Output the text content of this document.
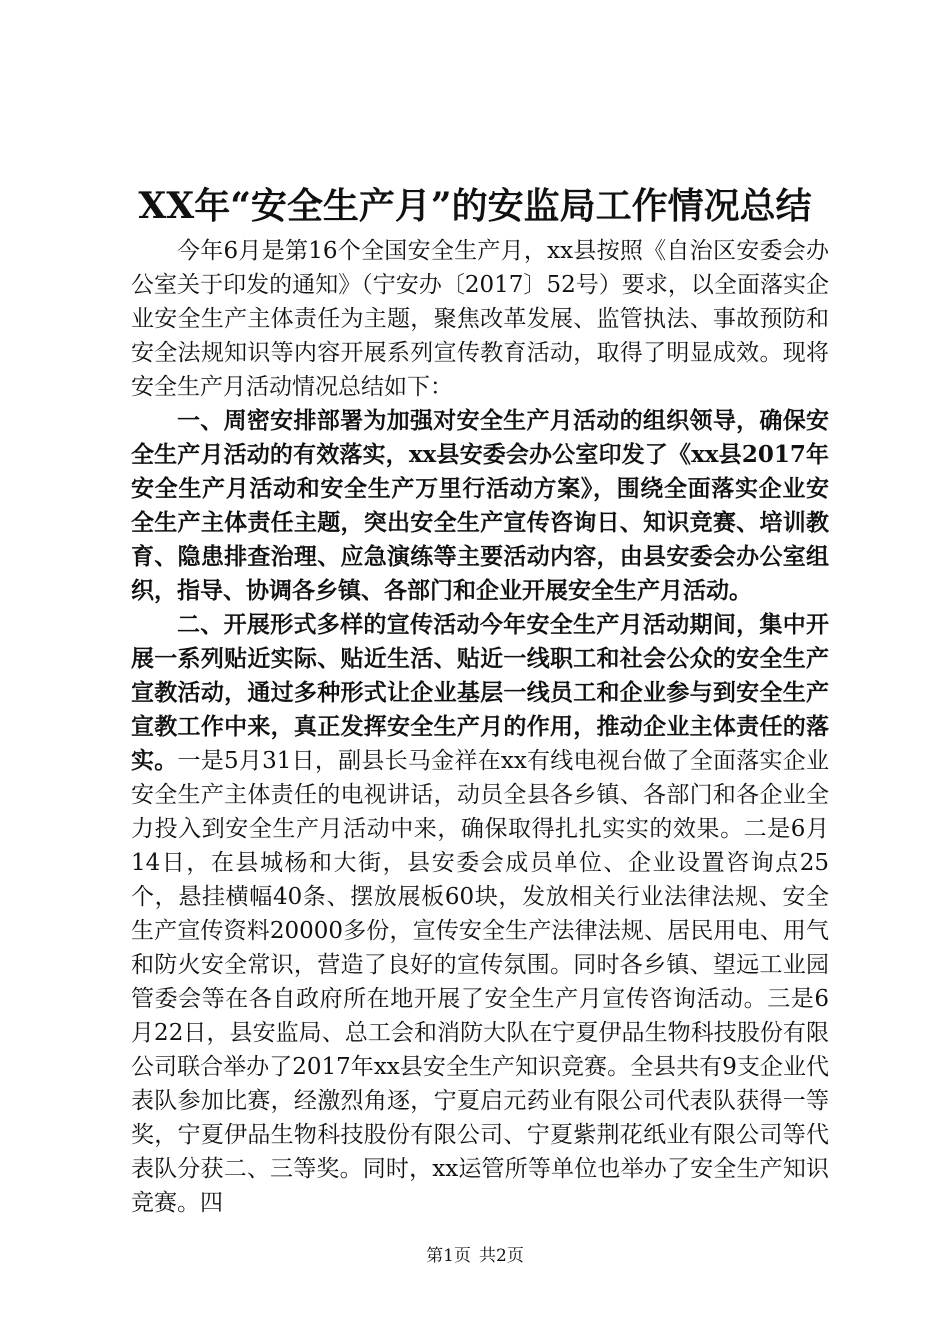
XX年“安全生产月”的安监局工作情况总结

今年6月是第16个全国安全生产月，xx县按照《自治区安委会办公室关于印发的通知》（宁安办〔2017〕52号）要求，以全面落实企业安全生产主体责任为主题，聚焦改革发展、监管执法、事故预防和安全法规知识等内容开展系列宣传教育活动，取得了明显成效。现将安全生产月活动情况总结如下：

一、周密安排部署为加强对安全生产月活动的组织领导，确保安全生产月活动的有效落实，xx县安委会办公室印发了《xx县2017年安全生产月活动和安全生产万里行活动方案》，围绕全面落实企业安全生产主体责任主题，突出安全生产宣传咨询日、知识竞赛、培训教育、隐患排查治理、应急演练等主要活动内容，由县安委会办公室组织，指导、协调各乡镇、各部门和企业开展安全生产月活动。

二、开展形式多样的宣传活动今年安全生产月活动期间，集中开展一系列贴近实际、贴近生活、贴近一线职工和社会公众的安全生产宣教活动，通过多种形式让企业基层一线员工和企业参与到安全生产宣教工作中来，真正发挥安全生产月的作用，推动企业主体责任的落实。一是5月31日，副县长马金祥在xx有线电视台做了全面落实企业安全生产主体责任的电视讲话，动员全县各乡镇、各部门和各企业全力投入到安全生产月活动中来，确保取得扎扎实实的效果。二是6月14日，在县城杨和大街，县安委会成员单位、企业设置咨询点25个，悬挂横幅40条、摆放展板60块，发放相关行业法律法规、安全生产宣传资料20000多份，宣传安全生产法律法规、居民用电、用气和防火安全常识，营造了良好的宣传氛围。同时各乡镇、望远工业园管委会等在各自政府所在地开展了安全生产月宣传咨询活动。三是6月22日，县安监局、总工会和消防大队在宁夏伊品生物科技股份有限公司联合举办了2017年xx县安全生产知识竞赛。全县共有9支企业代表队参加比赛，经激烈角逐，宁夏启元药业有限公司代表队获得一等奖，宁夏伊品生物科技股份有限公司、宁夏紫荆花纸业有限公司等代表队分获二、三等奖。同时，xx运管所等单位也举办了安全生产知识竞赛。四

第1页 共2页
